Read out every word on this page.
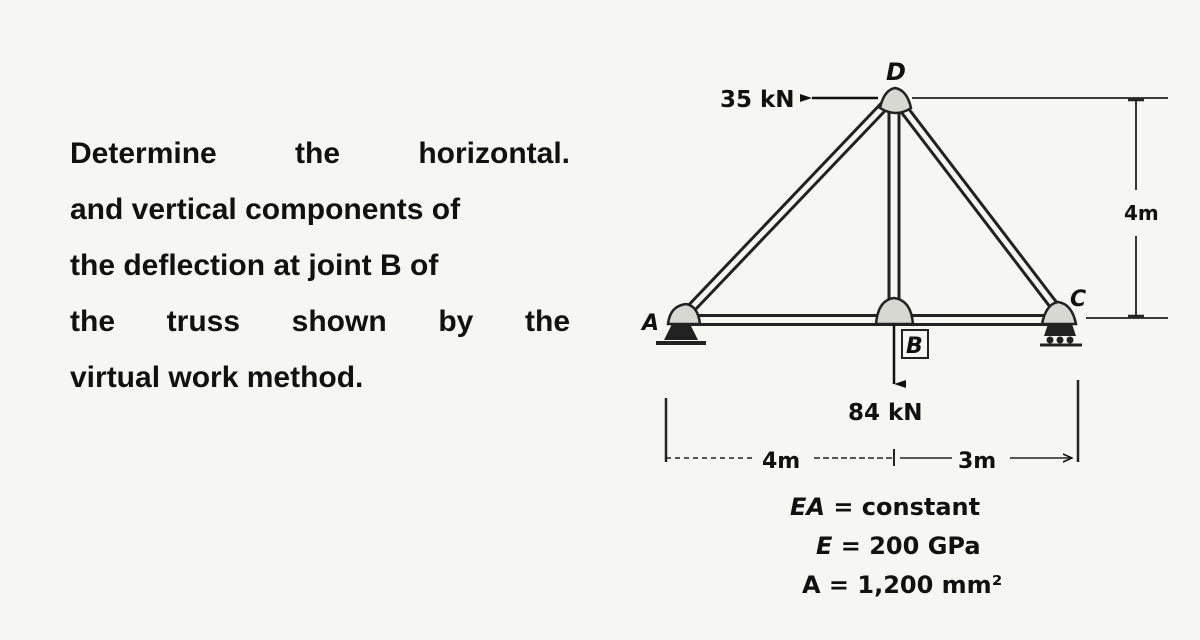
Determine	the	horizontal.
and vertical components of
the deflection at joint B of
the truss shown by the
virtual work method.
D
A
C
B
35 kN
84 kN
4m	3m
4m
EA = constant
E = 200 GPa
A = 1,200 mm²
